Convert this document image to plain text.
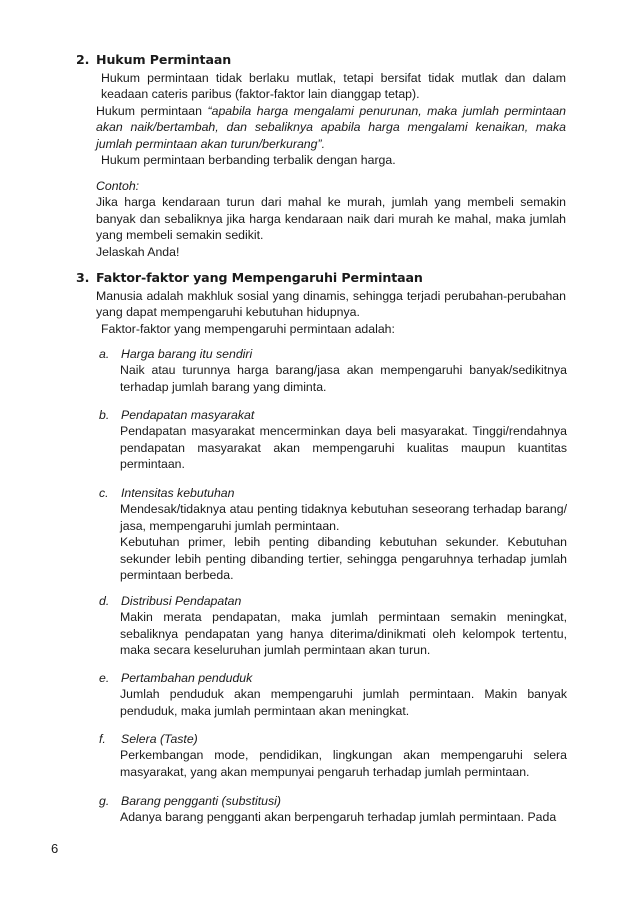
2. Hukum Permintaan

Hukum permintaan tidak berlaku mutlak, tetapi bersifat tidak mutlak dan dalam keadaan cateris paribus (faktor-faktor lain dianggap tetap).

Hukum permintaan “apabila harga mengalami penurunan, maka jumlah permintaan akan naik/bertambah, dan sebaliknya apabila harga mengalami kenaikan, maka jumlah permintaan akan turun/berkurang”.

Hukum permintaan berbanding terbalik dengan harga.

Contoh:

Jika harga kendaraan turun dari mahal ke murah, jumlah yang membeli semakin banyak dan sebaliknya jika harga kendaraan naik dari murah ke mahal, maka jumlah yang membeli semakin sedikit.

Jelaskah Anda!

3. Faktor-faktor yang Mempengaruhi Permintaan

Manusia adalah makhluk sosial yang dinamis, sehingga terjadi perubahan-perubahan yang dapat mempengaruhi kebutuhan hidupnya.

Faktor-faktor yang mempengaruhi permintaan adalah:

a. Harga barang itu sendiri

Naik atau turunnya harga barang/jasa akan mempengaruhi banyak/sedikitnya terhadap jumlah barang yang diminta.

b. Pendapatan masyarakat

Pendapatan masyarakat mencerminkan daya beli masyarakat. Tinggi/rendahnya pendapatan masyarakat akan mempengaruhi kualitas maupun kuantitas permintaan.

c. Intensitas kebutuhan

Mendesak/tidaknya atau penting tidaknya kebutuhan seseorang terhadap barang/ jasa, mempengaruhi jumlah permintaan.

Kebutuhan primer, lebih penting dibanding kebutuhan sekunder. Kebutuhan sekunder lebih penting dibanding tertier, sehingga pengaruhnya terhadap jumlah permintaan berbeda.

d. Distribusi Pendapatan

Makin merata pendapatan, maka jumlah permintaan semakin meningkat, sebaliknya pendapatan yang hanya diterima/dinikmati oleh kelompok tertentu, maka secara keseluruhan jumlah permintaan akan turun.

e. Pertambahan penduduk

Jumlah penduduk akan mempengaruhi jumlah permintaan. Makin banyak penduduk, maka jumlah permintaan akan meningkat.

f. Selera (Taste)

Perkembangan mode, pendidikan, lingkungan akan mempengaruhi selera masyarakat, yang akan mempunyai pengaruh terhadap jumlah permintaan.

g. Barang pengganti (substitusi)

Adanya barang pengganti akan berpengaruh terhadap jumlah permintaan. Pada

6
